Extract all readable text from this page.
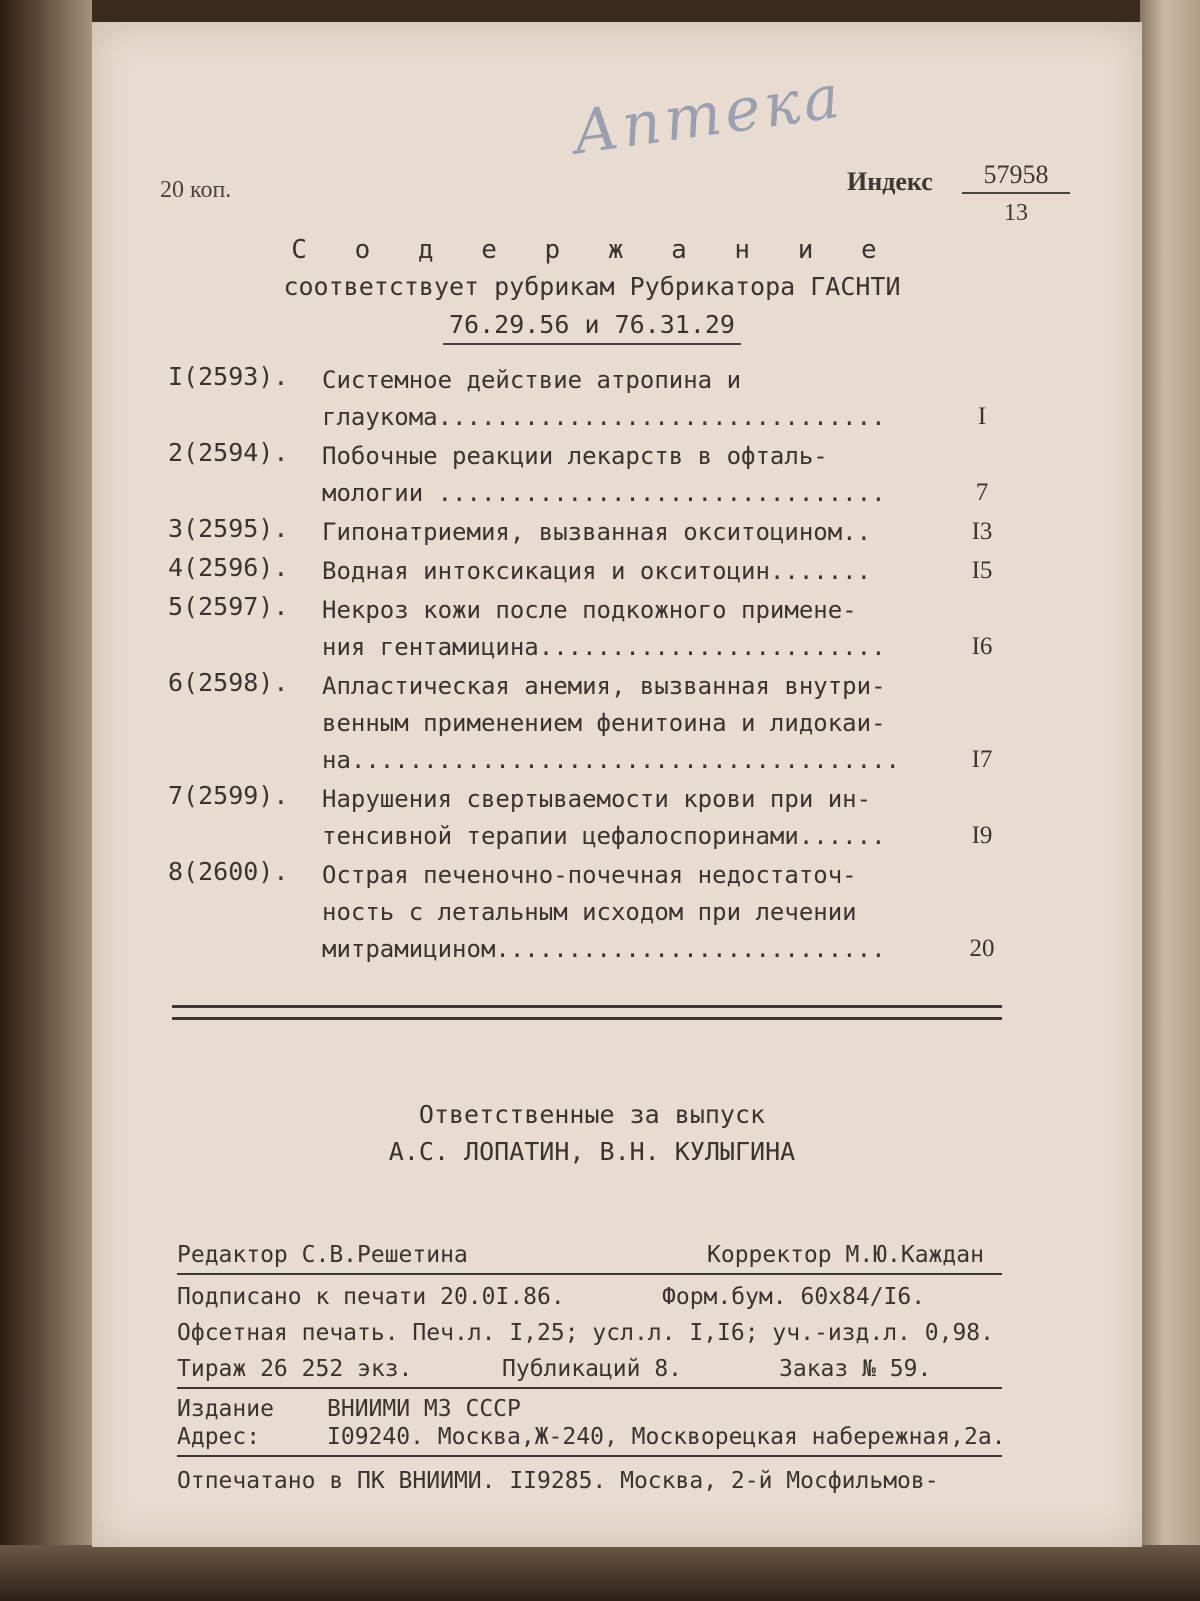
Аптека
20 коп.	Индекс	57958
13
С о д е р ж а н и е
соответствует рубрикам Рубрикатора ГАСНТИ
76.29.56 и 76.31.29
I(2593).	Системное действие атропина и
глаукома...............................	I
2(2594).	Побочные реакции лекарств в офталь-
мологии ...............................	7
3(2595).	Гипонатриемия, вызванная окситоцином..	I3
4(2596).	Водная интоксикация и окситоцин.......	I5
5(2597).	Некроз кожи после подкожного примене-
ния гентамицина........................	I6
6(2598).	Апластическая анемия, вызванная внутри-
венным применением фенитоина и лидокаи-
на......................................	I7
7(2599).	Нарушения свертываемости крови при ин-
тенсивной терапии цефалоспоринами......	I9
8(2600).	Острая печеночно-почечная недостаточ-
ность с летальным исходом при лечении
митрамицином...........................	20
Ответственные за выпуск
А.С. ЛОПАТИН, В.Н. КУЛЫГИНА
Редактор С.В.Решетина	Корректор М.Ю.Каждан
Подписано к печати 20.0I.86.	Форм.бум. 60x84/I6.
Офсетная печать. Печ.л. I,25; усл.л. I,I6; уч.-изд.л. 0,98.
Тираж 26 252 экз.	Публикаций 8.	Заказ № 59.
Издание ВНИИМИ МЗ СССР
Адрес:	I09240. Москва,Ж-240, Москворецкая набережная,2а.
Отпечатано в ПК ВНИИМИ. II9285. Москва, 2-й Мосфильмов-
